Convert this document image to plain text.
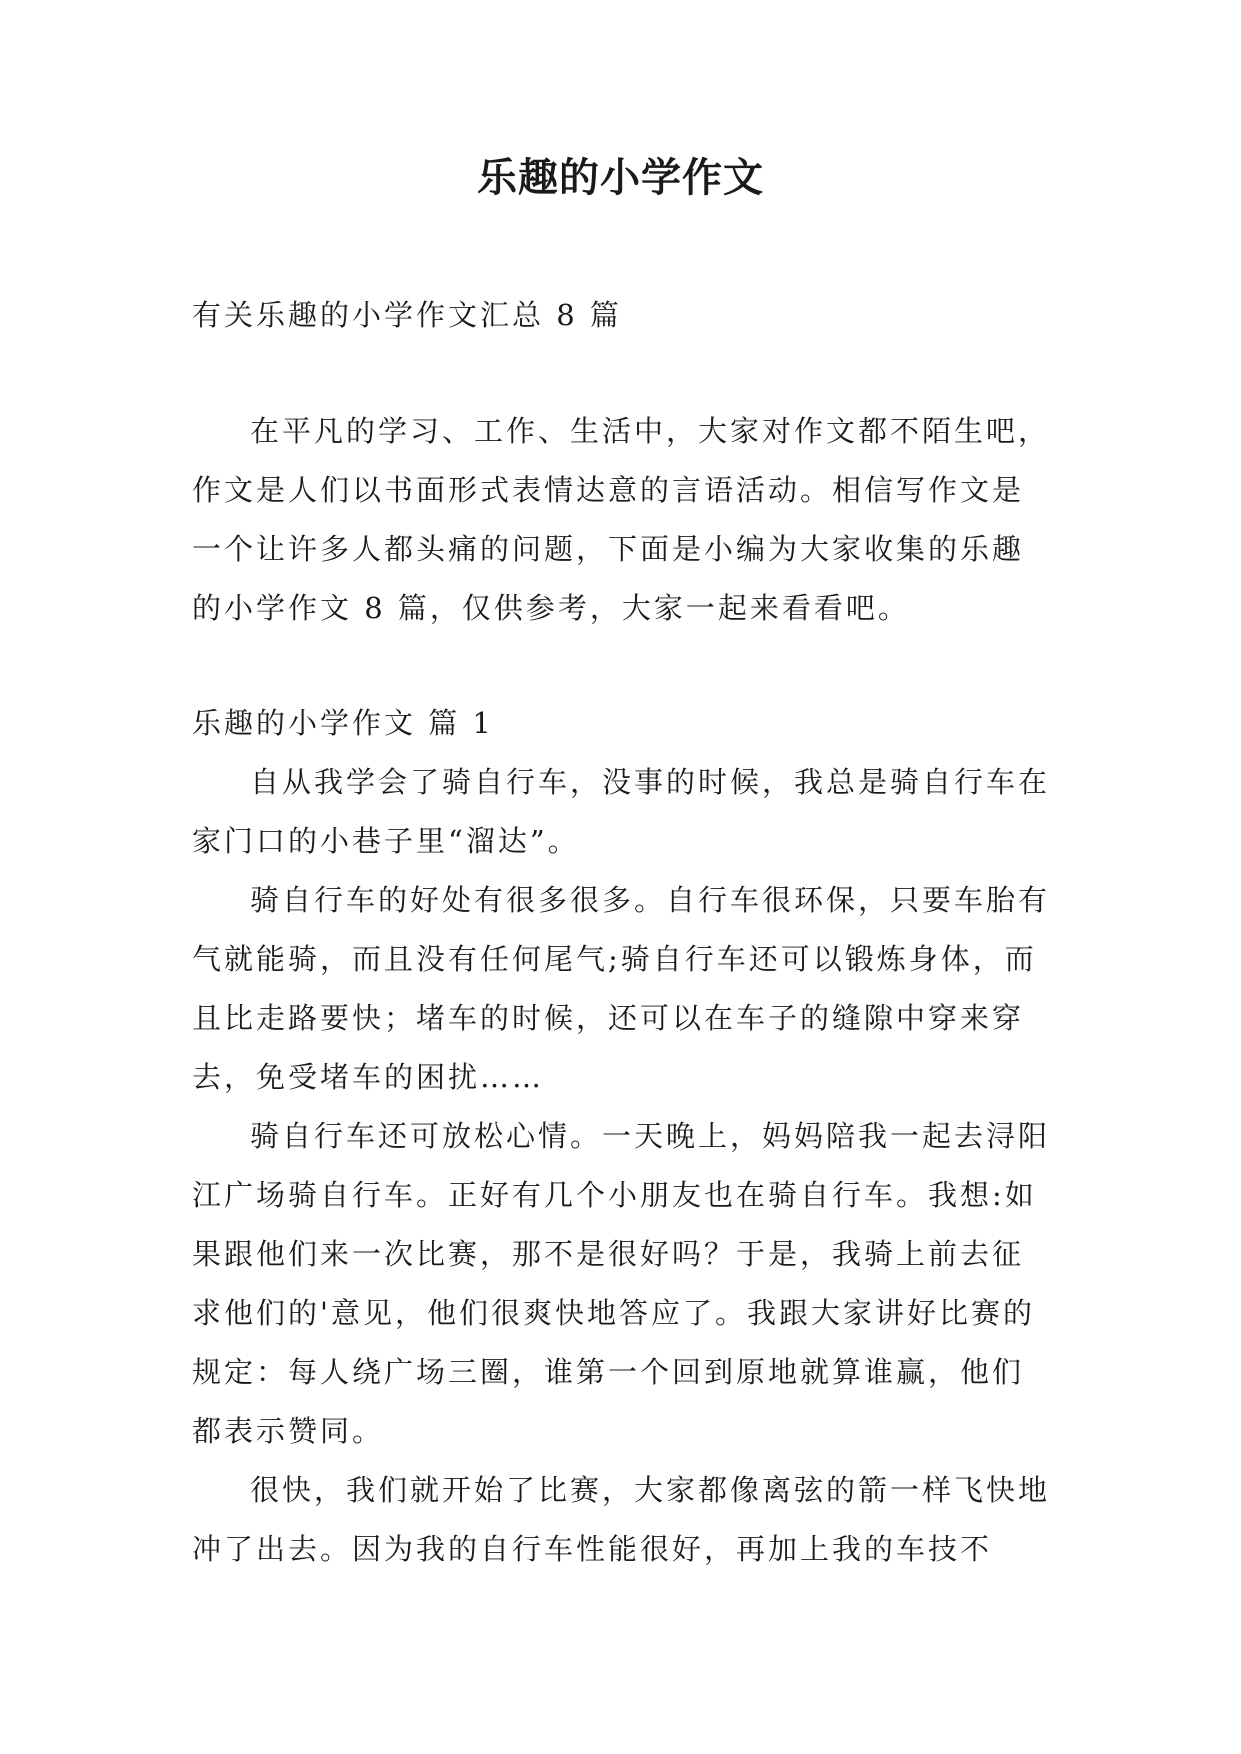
乐趣的小学作文
有关乐趣的小学作文汇总 8 篇

在平凡的学习、工作、生活中，大家对作文都不陌生吧，作文是人们以书面形式表情达意的言语活动。相信写作文是一个让许多人都头痛的问题，下面是小编为大家收集的乐趣的小学作文 8 篇，仅供参考，大家一起来看看吧。

乐趣的小学作文 篇 1

自从我学会了骑自行车，没事的时候，我总是骑自行车在家门口的小巷子里“溜达”。

骑自行车的好处有很多很多。自行车很环保，只要车胎有气就能骑，而且没有任何尾气;骑自行车还可以锻炼身体，而且比走路要快；堵车的时候，还可以在车子的缝隙中穿来穿去，免受堵车的困扰……

骑自行车还可放松心情。一天晚上，妈妈陪我一起去浔阳江广场骑自行车。正好有几个小朋友也在骑自行车。我想:如果跟他们来一次比赛，那不是很好吗？于是，我骑上前去征求他们的'意见，他们很爽快地答应了。我跟大家讲好比赛的规定：每人绕广场三圈，谁第一个回到原地就算谁赢，他们都表示赞同。

很快，我们就开始了比赛，大家都像离弦的箭一样飞快地冲了出去。因为我的自行车性能很好，再加上我的车技不
